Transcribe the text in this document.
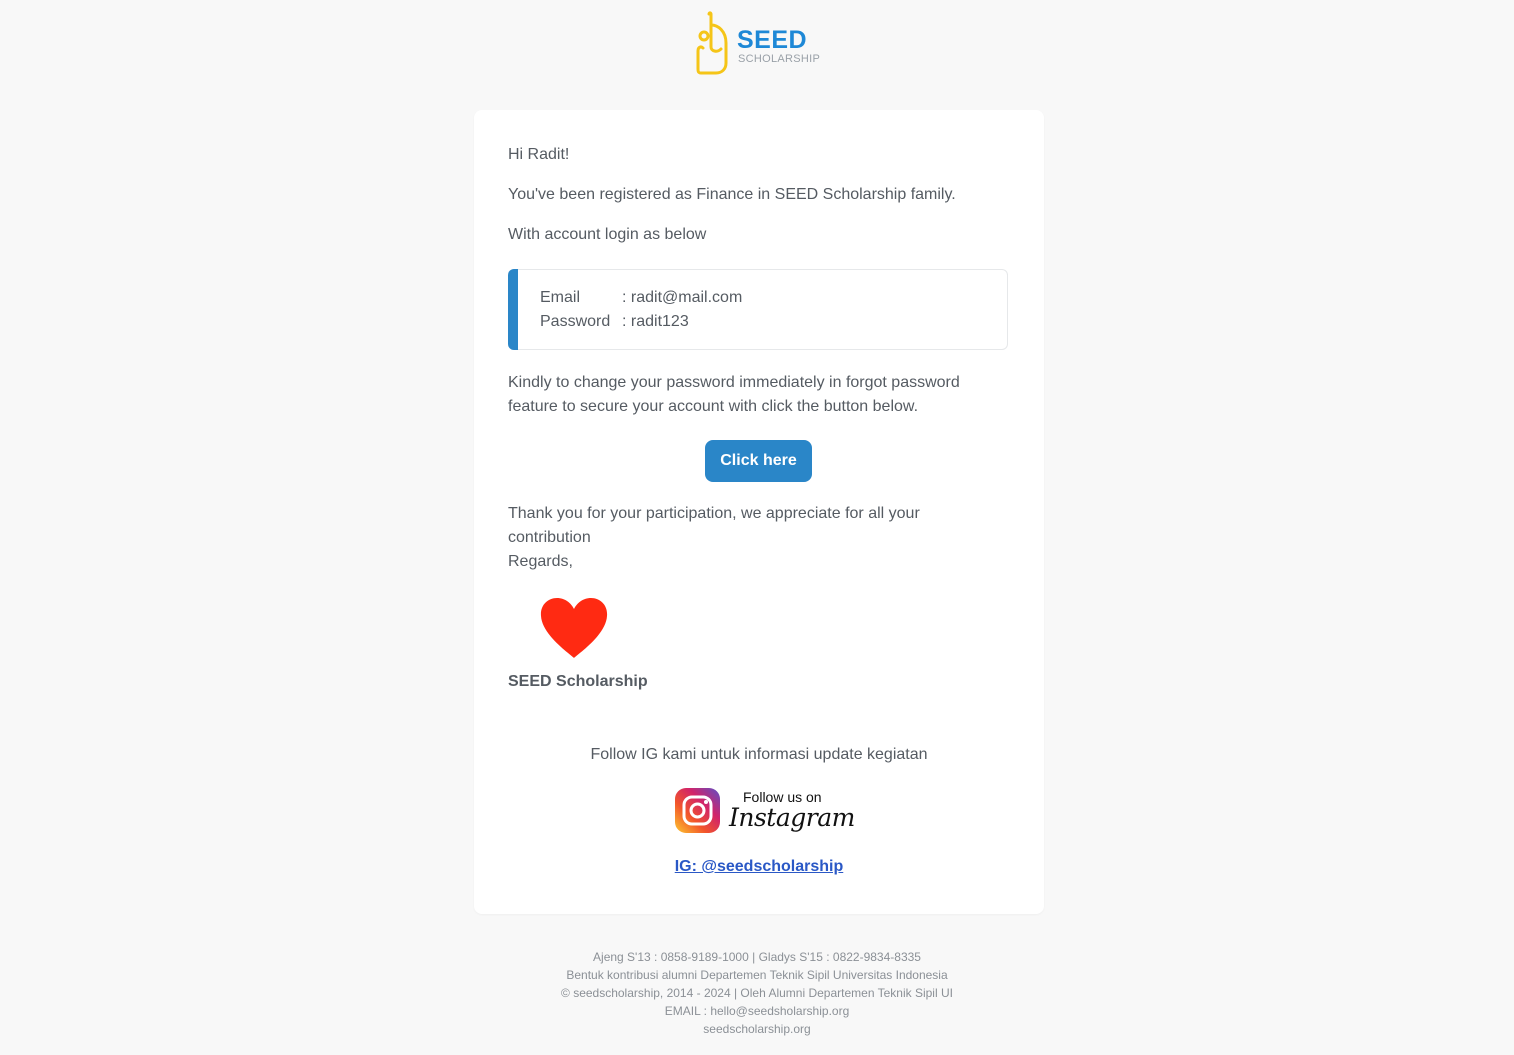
SEED
SCHOLARSHIP

Hi Radit!

You've been registered as Finance in SEED Scholarship family.

With account login as below

Email	: radit@mail.com
Password : radit123

Kindly to change your password immediately in forgot password feature to secure your account with click the button below.

Click here

Thank you for your participation, we appreciate for all your contribution

Regards,

SEED Scholarship
Follow IG kami untuk informasi update kegiatan
Follow us on
Instagram
IG: @seedscholarship
Ajeng S'13 : 0858-9189-1000 | Gladys S'15 : 0822-9834-8335
Bentuk kontribusi alumni Departemen Teknik Sipil Universitas Indonesia
© seedscholarship, 2014 - 2024 | Oleh Alumni Departemen Teknik Sipil UI
EMAIL : hello@seedsholarship.org
seedscholarship.org
